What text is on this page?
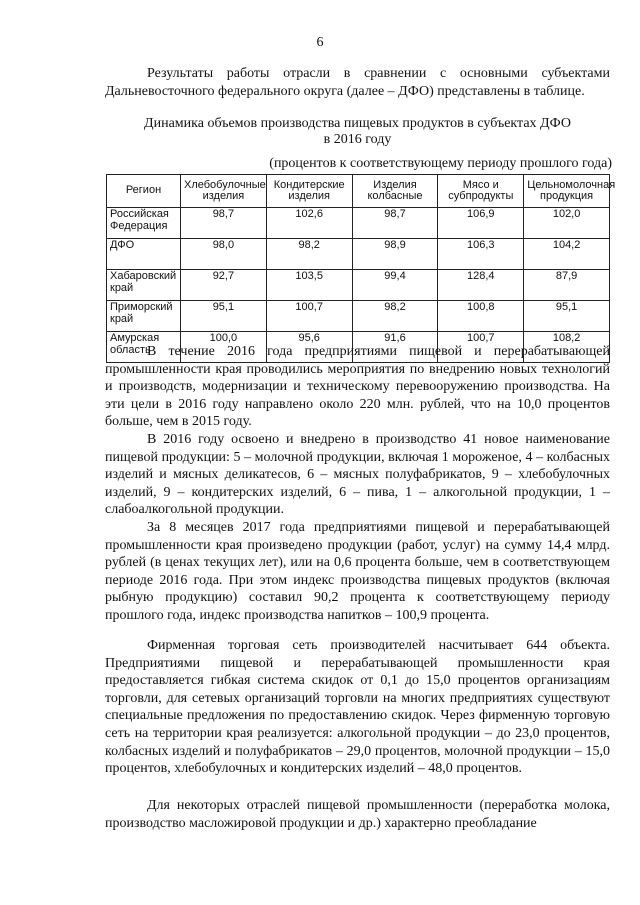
6
Результаты работы отрасли в сравнении с основными субъектами Дальневосточного федерального округа (далее – ДФО) представлены в таблице.
Динамика объемов производства пищевых продуктов в субъектах ДФО
в 2016 году
(процентов к соответствующему периоду прошлого года)
Регион	Хлебобулочные изделия	Кондитерские изделия	Изделия колбасные	Мясо и субпродукты	Цельномолочная продукция
Российская Федерация	98,7	102,6	98,7	106,9	102,0
ДФО	98,0	98,2	98,9	106,3	104,2
Хабаровский край	92,7	103,5	99,4	128,4	87,9
Приморский край	95,1	100,7	98,2	100,8	95,1
Амурская область	100,0	95,6	91,6	100,7	108,2
В течение 2016 года предприятиями пищевой и перерабатывающей промышленности края проводились мероприятия по внедрению новых технологий и производств, модернизации и техническому перевооружению производства. На эти цели в 2016 году направлено около 220 млн. рублей, что на 10,0 процентов больше, чем в 2015 году.
В 2016 году освоено и внедрено в производство 41 новое наименование пищевой продукции: 5 – молочной продукции, включая 1 мороженое, 4 – колбасных изделий и мясных деликатесов, 6 – мясных полуфабрикатов, 9 – хлебобулочных изделий, 9 – кондитерских изделий, 6 – пива, 1 – алкогольной продукции, 1 – слабоалкогольной продукции.
За 8 месяцев 2017 года предприятиями пищевой и перерабатывающей промышленности края произведено продукции (работ, услуг) на сумму 14,4 млрд. рублей (в ценах текущих лет), или на 0,6 процента больше, чем в соответствующем периоде 2016 года. При этом индекс производства пищевых продуктов (включая рыбную продукцию) составил 90,2 процента к соответствующему периоду прошлого года, индекс производства напитков – 100,9 процента.
Фирменная торговая сеть производителей насчитывает 644 объекта. Предприятиями пищевой и перерабатывающей промышленности края предоставляется гибкая система скидок от 0,1 до 15,0 процентов организациям торговли, для сетевых организаций торговли на многих предприятиях существуют специальные предложения по предоставлению скидок. Через фирменную торговую сеть на территории края реализуется: алкогольной продукции – до 23,0 процентов, колбасных изделий и полуфабрикатов – 29,0 процентов, молочной продукции – 15,0 процентов, хлебобулочных и кондитерских изделий – 48,0 процентов.
Для некоторых отраслей пищевой промышленности (переработка молока, производство масложировой продукции и др.) характерно преобладание
